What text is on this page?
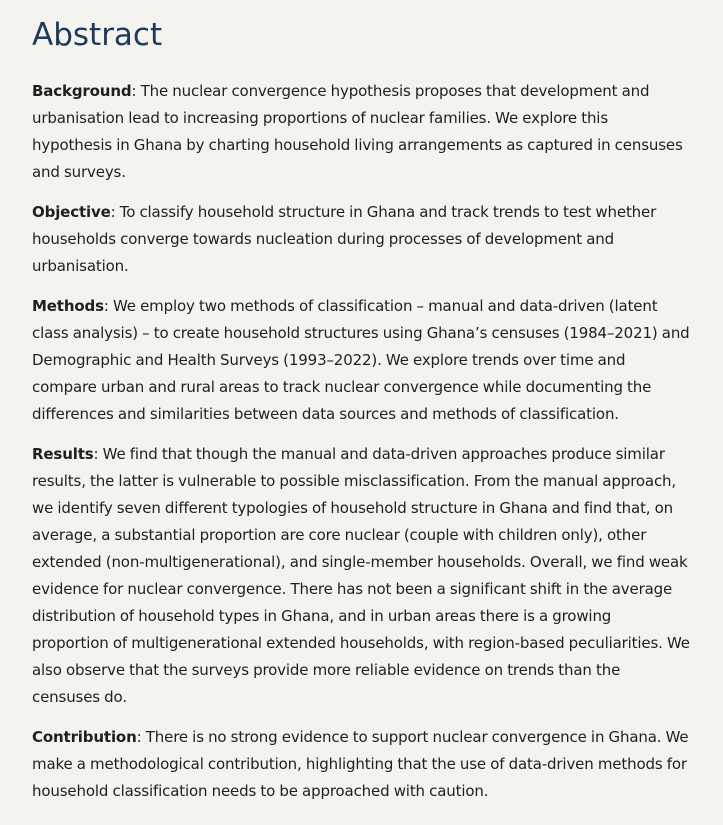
Abstract

Background: The nuclear convergence hypothesis proposes that development and urbanisation lead to increasing proportions of nuclear families. We explore this hypothesis in Ghana by charting household living arrangements as captured in censuses and surveys.

Objective: To classify household structure in Ghana and track trends to test whether households converge towards nucleation during processes of development and urbanisation.

Methods: We employ two methods of classification – manual and data-driven (latent class analysis) – to create household structures using Ghana’s censuses (1984–2021) and Demographic and Health Surveys (1993–2022). We explore trends over time and compare urban and rural areas to track nuclear convergence while documenting the differences and similarities between data sources and methods of classification.

Results: We find that though the manual and data-driven approaches produce similar results, the latter is vulnerable to possible misclassification. From the manual approach, we identify seven different typologies of household structure in Ghana and find that, on average, a substantial proportion are core nuclear (couple with children only), other extended (non-multigenerational), and single-member households. Overall, we find weak evidence for nuclear convergence. There has not been a significant shift in the average distribution of household types in Ghana, and in urban areas there is a growing proportion of multigenerational extended households, with region-based peculiarities. We also observe that the surveys provide more reliable evidence on trends than the censuses do.

Contribution: There is no strong evidence to support nuclear convergence in Ghana. We make a methodological contribution, highlighting that the use of data-driven methods for household classification needs to be approached with caution.
